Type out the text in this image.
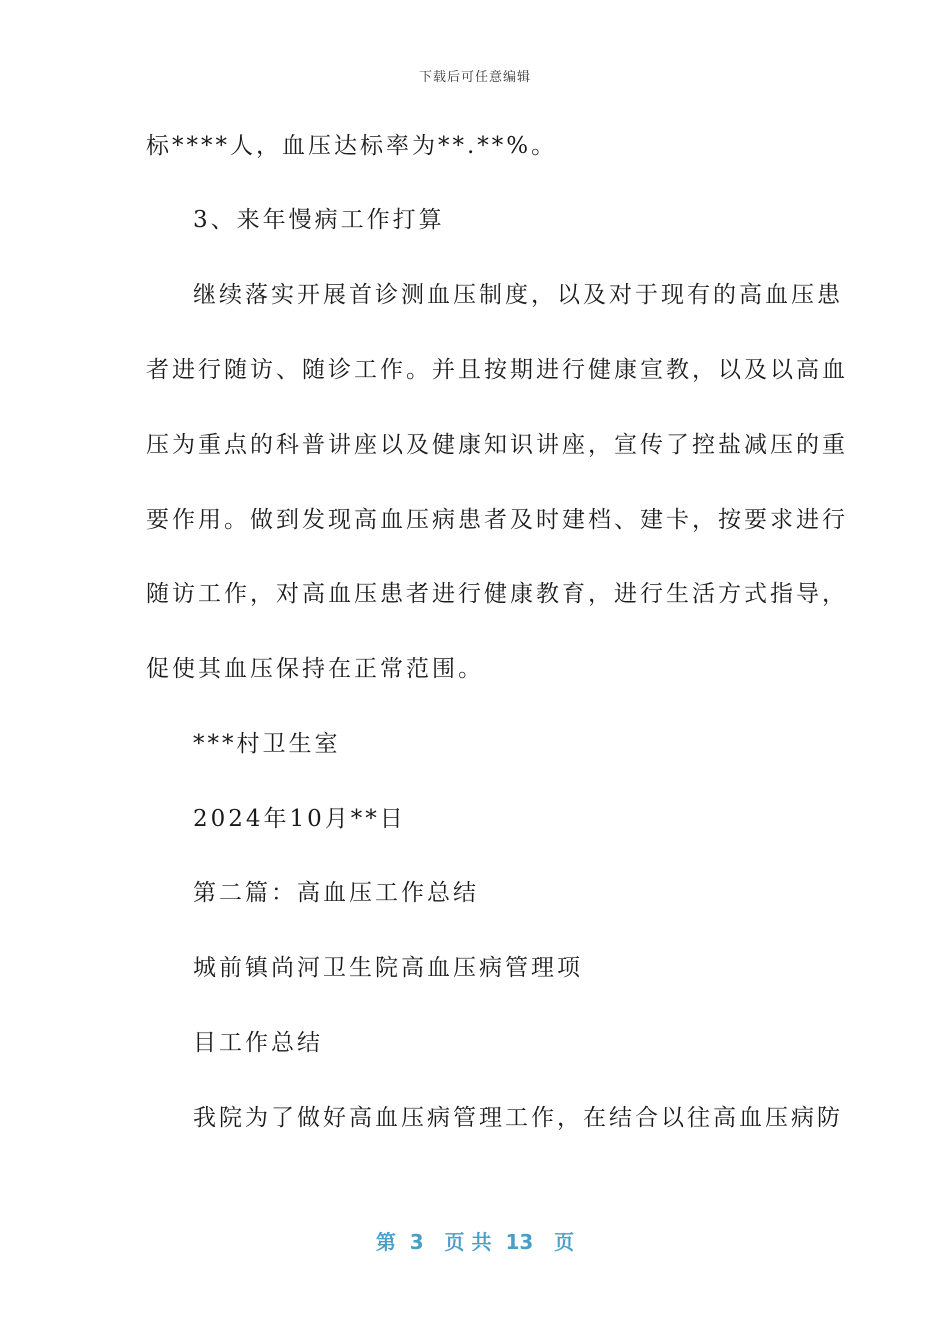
下载后可任意编辑
标****人，血压达标率为**.**%。
3、来年慢病工作打算
继续落实开展首诊测血压制度，以及对于现有的高血压患
者进行随访、随诊工作。并且按期进行健康宣教，以及以高血
压为重点的科普讲座以及健康知识讲座，宣传了控盐减压的重
要作用。做到发现高血压病患者及时建档、建卡，按要求进行
随访工作，对高血压患者进行健康教育，进行生活方式指导，
促使其血压保持在正常范围。
***村卫生室
2024年10月**日
第二篇：高血压工作总结
城前镇尚河卫生院高血压病管理项
目工作总结
我院为了做好高血压病管理工作，在结合以往高血压病防
第  3   页 共  13   页
